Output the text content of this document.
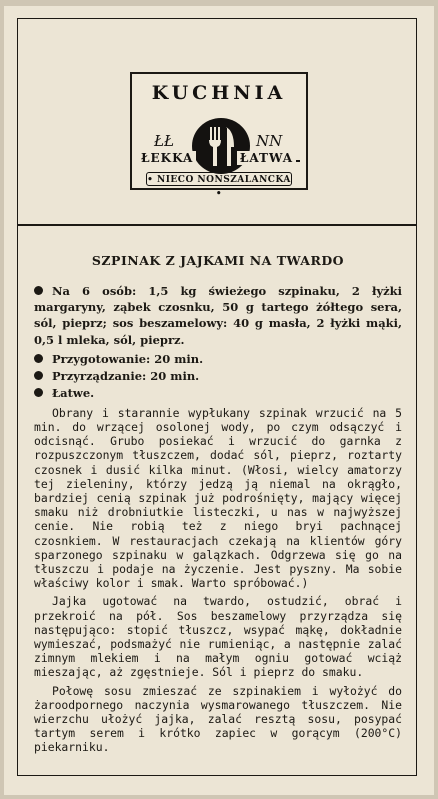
KUCHNIA
ŁŁ	NN
ŁEKKA	ŁATWA
• NIECO NONSZALANCKA •
SZPINAK Z JAJKAMI NA TWARDO

Na 6 osób: 1,5 kg świeżego szpinaku, 2 łyżki margaryny, ząbek czosnku, 50 g tartego żółtego sera, sól, pieprz; sos beszamelowy: 40 g masła, 2 łyżki mąki, 0,5 l mleka, sól, pieprz.

Przygotowanie: 20 min.

Przyrządzanie: 20 min.

Łatwe.

Obrany i starannie wypłukany szpinak wrzucić na 5 min. do wrzącej osolonej wody, po czym odsączyć i odcisnąć. Grubo posiekać i wrzucić do garnka z rozpuszczonym tłuszczem, dodać sól, pieprz, roztarty czosnek i dusić kilka minut. (Włosi, wielcy amatorzy tej zieleniny, którzy jedzą ją niemal na okrągło, bardziej cenią szpinak już podrośnięty, mający więcej smaku niż drobniutkie listeczki, u nas w najwyższej cenie. Nie robią też z niego bryi pachnącej czosnkiem. W restauracjach czekają na klientów góry sparzonego szpinaku w galązkach. Odgrzewa się go na tłuszczu i podaje na życzenie. Jest pyszny. Ma sobie właściwy kolor i smak. Warto spróbować.)

Jajka ugotować na twardo, ostudzić, obrać i przekroić na pół. Sos beszamelowy przyrządza się następująco: stopić tłuszcz, wsypać mąkę, dokładnie wymieszać, podsmażyć nie rumieniąc, a następnie zalać zimnym mlekiem i na małym ogniu gotować wciąż mieszając, aż zgęstnieje. Sól i pieprz do smaku.

Połowę sosu zmieszać ze szpinakiem i wyłożyć do żaroodpornego naczynia wysmarowanego tłuszczem. Nie wierzchu ułożyć jajka, zalać resztą sosu, posypać tartym serem i krótko zapiec w gorącym (200°C) piekarniku.
